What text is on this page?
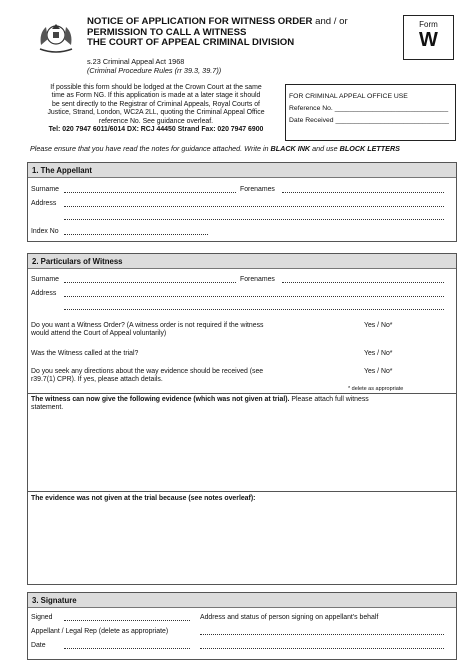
NOTICE OF APPLICATION FOR WITNESS ORDER and / or
PERMISSION TO CALL A WITNESS
THE COURT OF APPEAL CRIMINAL DIVISION
s.23 Criminal Appeal Act 1968
(Criminal Procedure Rules (rr 39.3, 39.7))
Form
W
If possible this form should be lodged at the Crown Court at the same
time as Form NG. If this application is made at a later stage it should
be sent directly to the Registrar of Criminal Appeals, Royal Courts of
Justice, Strand, London, WC2A 2LL, quoting the Criminal Appeal Office
reference No. See guidance overleaf.
Tel: 020 7947 6011/6014 DX: RCJ 44450 Strand Fax: 020 7947 6900
FOR CRIMINAL APPEAL OFFICE USE
Reference No. ______________________________
Date Received ______________________________
Please ensure that you have read the notes for guidance attached. Write in BLACK INK and use BLOCK LETTERS
1. The Appellant
Surname	Forenames
Address
Index No
2. Particulars of Witness
Surname	Forenames
Address
Do you want a Witness Order? (A witness order is not required if the witness
would attend the Court of Appeal voluntarily)
Yes / No*
Was the Witness called at the trial?	Yes / No*
Do you seek any directions about the way evidence should be received (see
r39.7(1) CPR). If yes, please attach details.
Yes / No*
* delete as appropriate
The witness can now give the following evidence (which was not given at trial). Please attach full witness
statement.
The evidence was not given at the trial because (see notes overleaf):
3. Signature
Signed
Appellant / Legal Rep (delete as appropriate)
Date
Address and status of person signing on appellant's behalf
